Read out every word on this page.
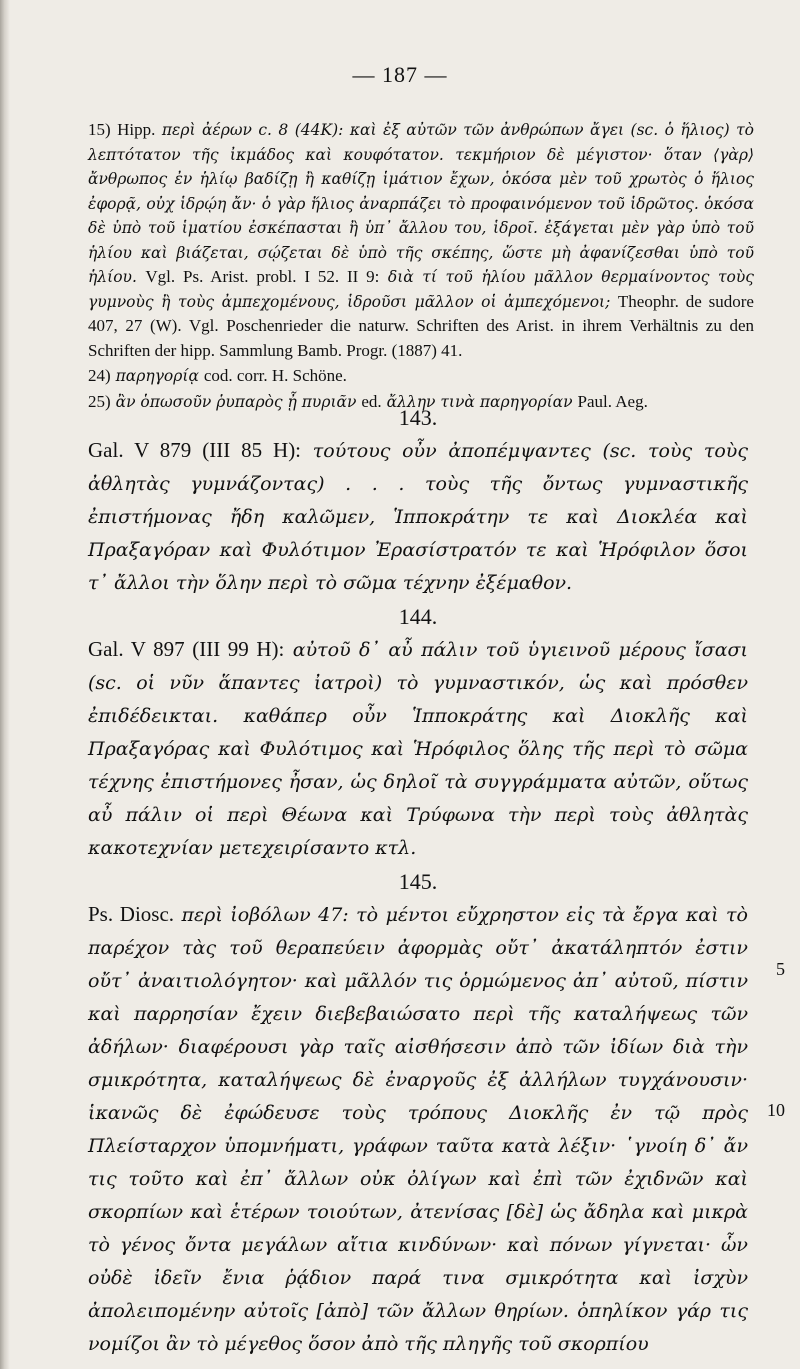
— 187 —

15) Hipp. περὶ ἀέρων c. 8 (44K): καὶ ἐξ αὐτῶν τῶν ἀνθρώπων ἄγει (sc. ὁ ἥλιος) τὸ λεπτότατον τῆς ἰκμάδος καὶ κουφότατον. τεκμήριον δὲ μέγιστον· ὅταν ⟨γὰρ⟩ ἄνθρωπος ἐν ἡλίῳ βαδίζῃ ἢ καθίζῃ ἱμάτιον ἔχων, ὁκόσα μὲν τοῦ χρωτὸς ὁ ἥλιος ἐφορᾷ, οὐχ ἱδρῴη ἄν· ὁ γὰρ ἥλιος ἀναρπάζει τὸ προφαινόμενον τοῦ ἱδρῶτος. ὁκόσα δὲ ὑπὸ τοῦ ἱματίου ἐσκέπασται ἢ ὑπ᾽ ἄλλου του, ἱδροῖ. ἐξάγεται μὲν γὰρ ὑπὸ τοῦ ἡλίου καὶ βιάζεται, σῴζεται δὲ ὑπὸ τῆς σκέπης, ὥστε μὴ ἀφανίζεσθαι ὑπὸ τοῦ ἡλίου. Vgl. Ps. Arist. probl. I 52. II 9: διὰ τί τοῦ ἡλίου μᾶλλον θερμαίνοντος τοὺς γυμνοὺς ἢ τοὺς ἀμπεχομένους, ἱδροῦσι μᾶλλον οἱ ἀμπεχόμενοι; Theophr. de sudore 407, 27 (W). Vgl. Poschenrieder die naturw. Schriften des Arist. in ihrem Verhältnis zu den Schriften der hipp. Sammlung Bamb. Progr. (1887) 41.

24) παρηγορίᾳ cod. corr. H. Schöne.

25) ἂν ὁπωσοῦν ῥυπαρὸς ᾖ πυριᾶν ed. ἄλλην τινὰ παρηγορίαν Paul. Aeg.

143.

Gal. V 879 (III 85 H): τούτους οὖν ἀποπέμψαντες (sc. τοὺς τοὺς ἀθλητὰς γυμνάζοντας) . . . τοὺς τῆς ὄντως γυμναστικῆς ἐπιστήμονας ἤδη καλῶμεν, Ἱπποκράτην τε καὶ Διοκλέα καὶ Πραξαγόραν καὶ Φυλότιμον Ἐρασίστρατόν τε καὶ Ἡρόφιλον ὅσοι τ᾽ ἄλλοι τὴν ὅλην περὶ τὸ σῶμα τέχνην ἐξέμαθον.

144.

Gal. V 897 (III 99 H): αὐτοῦ δ᾽ αὖ πάλιν τοῦ ὑγιεινοῦ μέρους ἴσασι (sc. οἱ νῦν ἅπαντες ἰατροὶ) τὸ γυμναστικόν, ὡς καὶ πρόσθεν ἐπιδέδεικται. καθάπερ οὖν Ἱπποκράτης καὶ Διοκλῆς καὶ Πραξαγόρας καὶ Φυλότιμος καὶ Ἡρόφιλος ὅλης τῆς περὶ τὸ σῶμα τέχνης ἐπιστήμονες ἦσαν, ὡς δηλοῖ τὰ συγγράμματα αὐτῶν, οὕτως αὖ πάλιν οἱ περὶ Θέωνα καὶ Τρύφωνα τὴν περὶ τοὺς ἀθλητὰς κακοτεχνίαν μετεχειρίσαντο κτλ.

145.

Ps. Diosc. περὶ ἰοβόλων 47: τὸ μέντοι εὔχρηστον εἰς τὰ ἔργα καὶ τὸ παρέχον τὰς τοῦ θεραπεύειν ἀφορμὰς οὔτ᾽ ἀκατάληπτόν ἐστιν οὔτ᾽ ἀναιτιολόγητον· καὶ μᾶλλόν τις ὁρμώμενος ἀπ᾽ αὐτοῦ, πίστιν καὶ παρρησίαν ἔχειν διεβεβαιώσατο περὶ τῆς καταλήψεως τῶν ἀδήλων· διαφέρουσι γὰρ ταῖς αἰσθήσεσιν ἀπὸ τῶν ἰδίων διὰ τὴν σμικρότητα, καταλήψεως δὲ ἐναργοῦς ἐξ ἀλλήλων τυγχάνουσιν· ἱκανῶς δὲ ἐφώδευσε τοὺς τρόπους Διοκλῆς ἐν τῷ πρὸς Πλείσταρχον ὑπομνήματι, γράφων ταῦτα κατὰ λέξιν· ῾γνοίη δ᾽ ἄν τις τοῦτο καὶ ἐπ᾽ ἄλλων οὐκ ὀλίγων καὶ ἐπὶ τῶν ἐχιδνῶν καὶ σκορπίων καὶ ἑτέρων τοιούτων, ἀτενίσας [δὲ] ὡς ἄδηλα καὶ μικρὰ τὸ γένος ὄντα μεγάλων αἴτια κινδύνων· καὶ πόνων γίγνεται· ὧν οὐδὲ ἰδεῖν ἔνια ῥᾴδιον παρά τινα σμικρότητα καὶ ἰσχὺν ἀπολειπομένην αὐτοῖς [ἀπὸ] τῶν ἄλλων θηρίων. ὁπηλίκον γάρ τις νομίζοι ἂν τὸ μέγεθος ὅσον ἀπὸ τῆς πληγῆς τοῦ σκορπίου

5
10
